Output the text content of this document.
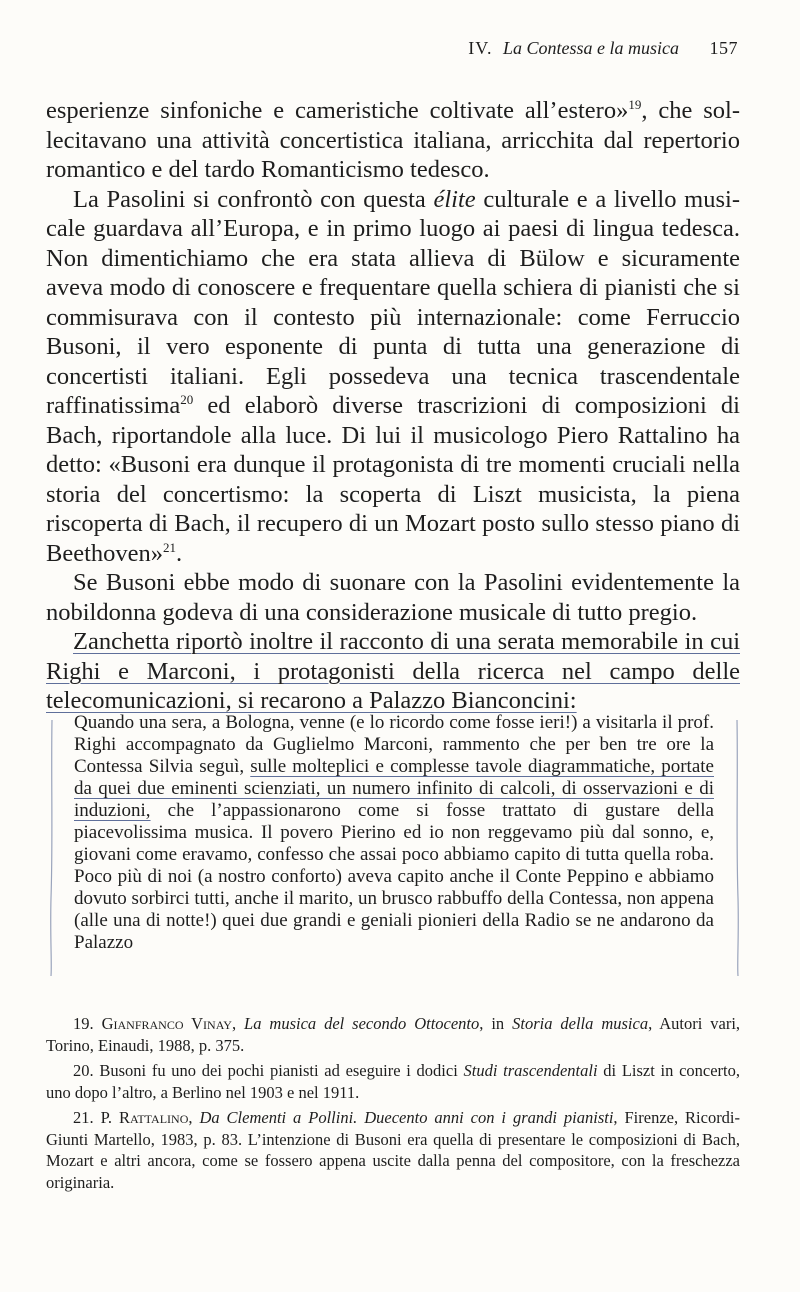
IV. La Contessa e la musica 157

esperienze sinfoniche e cameristiche coltivate all’estero»$^{19}$, che sollecitavano una attività concertistica italiana, arricchita dal repertorio romantico e del tardo Romanticismo tedesco.

La Pasolini si confrontò con questa élite culturale e a livello musicale guardava all’Europa, e in primo luogo ai paesi di lingua tedesca. Non dimentichiamo che era stata allieva di Bülow e sicuramente aveva modo di conoscere e frequentare quella schiera di pianisti che si commisurava con il contesto più internazionale: come Ferruccio Busoni, il vero esponente di punta di tutta una generazione di concertisti italiani. Egli possedeva una tecnica trascendentale raffinatissima$^{20}$ ed elaborò diverse trascrizioni di composizioni di Bach, riportandole alla luce. Di lui il musicologo Piero Rattalino ha detto: «Busoni era dunque il protagonista di tre momenti cruciali nella storia del concertismo: la scoperta di Liszt musicista, la piena riscoperta di Bach, il recupero di un Mozart posto sullo stesso piano di Beethoven»$^{21}$.

Se Busoni ebbe modo di suonare con la Pasolini evidentemente la nobildonna godeva di una considerazione musicale di tutto pregio.

Zanchetta riportò inoltre il racconto di una serata memorabile in cui Righi e Marconi, i protagonisti della ricerca nel campo delle telecomunicazioni, si recarono a Palazzo Bianconcini:

Quando una sera, a Bologna, venne (e lo ricordo come fosse ieri!) a visitarla il prof. Righi accompagnato da Guglielmo Marconi, rammento che per ben tre ore la Contessa Silvia seguì, sulle molteplici e complesse tavole diagrammatiche, portate da quei due eminenti scienziati, un numero infinito di calcoli, di osservazioni e di induzioni, che l’appassionarono come si fosse trattato di gustare della piacevolissima musica. Il povero Pierino ed io non reggevamo più dal sonno, e, giovani come eravamo, confesso che assai poco abbiamo capito di tutta quella roba. Poco più di noi (a nostro conforto) aveva capito anche il Conte Peppino e abbiamo dovuto sorbirci tutti, anche il marito, un brusco rabbuffo della Contessa, non appena (alle una di notte!) quei due grandi e geniali pionieri della Radio se ne andarono da Palazzo

19. Gianfranco Vinay, La musica del secondo Ottocento, in Storia della musica, Autori vari, Torino, Einaudi, 1988, p. 375.

20. Busoni fu uno dei pochi pianisti ad eseguire i dodici Studi trascendentali di Liszt in concerto, uno dopo l’altro, a Berlino nel 1903 e nel 1911.

21. P. Rattalino, Da Clementi a Pollini. Duecento anni con i grandi pianisti, Firenze, Ricordi-Giunti Martello, 1983, p. 83. L’intenzione di Busoni era quella di presentare le composizioni di Bach, Mozart e altri ancora, come se fossero appena uscite dalla penna del compositore, con la freschezza originaria.
